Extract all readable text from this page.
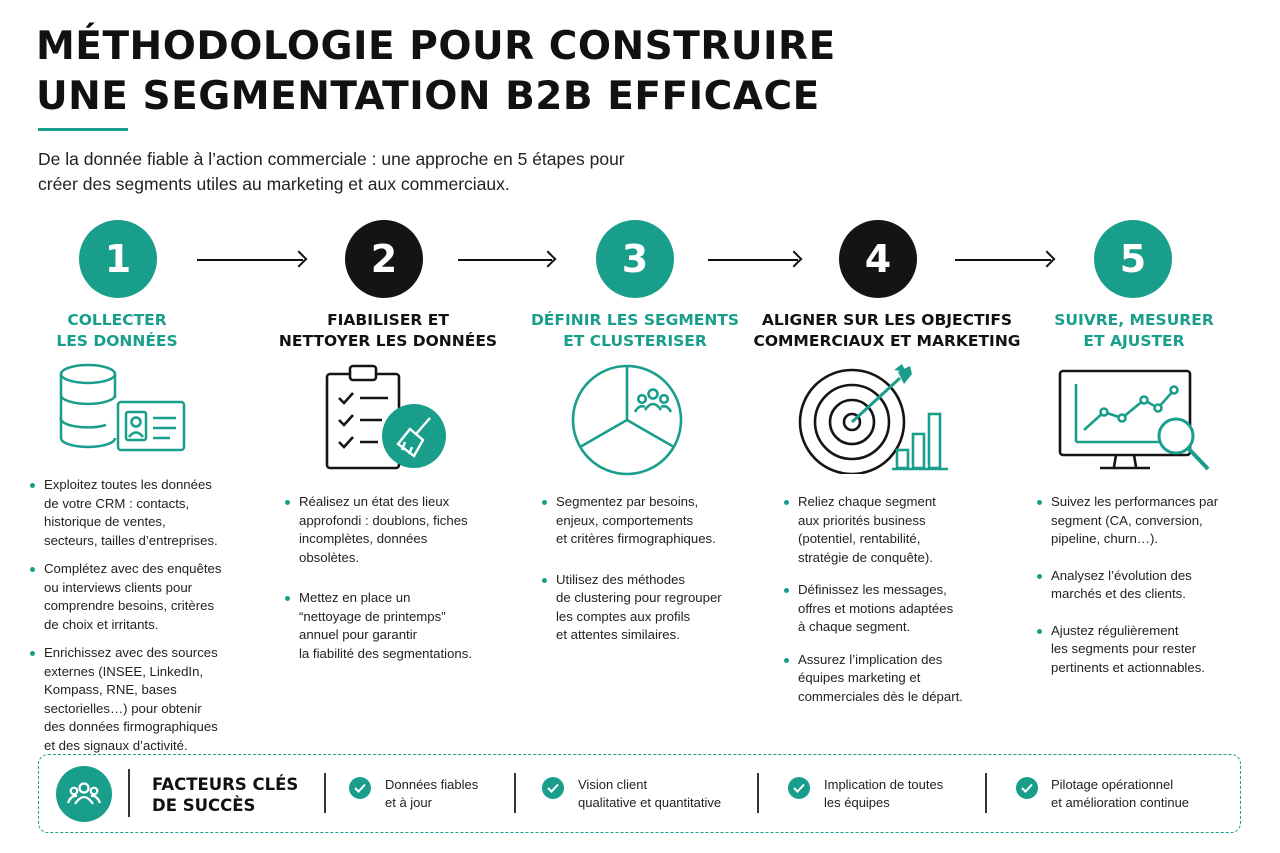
MÉTHODOLOGIE POUR CONSTRUIRE
UNE SEGMENTATION B2B EFFICACE
De la donnée fiable à l’action commerciale : une approche en 5 étapes pour
créer des segments utiles au marketing et aux commerciaux.
1	2	3	4	5
COLLECTER
LES DONNÉES
FIABILISER ET
NETTOYER LES DONNÉES
DÉFINIR LES SEGMENTS
ET CLUSTERISER
ALIGNER SUR LES OBJECTIFS
COMMERCIAUX ET MARKETING
SUIVRE, MESURER
ET AJUSTER
Exploitez toutes les données
de votre CRM : contacts,
historique de ventes,
secteurs, tailles d’entreprises.
Complétez avec des enquêtes
ou interviews clients pour
comprendre besoins, critères
de choix et irritants.
Enrichissez avec des sources
externes (INSEE, LinkedIn,
Kompass, RNE, bases
sectorielles…) pour obtenir
des données firmographiques
et des signaux d’activité.
Réalisez un état des lieux
approfondi : doublons, fiches
incomplètes, données
obsolètes.
Mettez en place un
“nettoyage de printemps”
annuel pour garantir
la fiabilité des segmentations.
Segmentez par besoins,
enjeux, comportements
et critères firmographiques.
Utilisez des méthodes
de clustering pour regrouper
les comptes aux profils
et attentes similaires.
Reliez chaque segment
aux priorités business
(potentiel, rentabilité,
stratégie de conquête).
Définissez les messages,
offres et motions adaptées
à chaque segment.
Assurez l’implication des
équipes marketing et
commerciales dès le départ.
Suivez les performances par
segment (CA, conversion,
pipeline, churn…).
Analysez l’évolution des
marchés et des clients.
Ajustez régulièrement
les segments pour rester
pertinents et actionnables.
FACTEURS CLÉS
DE SUCCÈS
Données fiables
et à jour
Vision client
qualitative et quantitative
Implication de toutes
les équipes
Pilotage opérationnel
et amélioration continue
